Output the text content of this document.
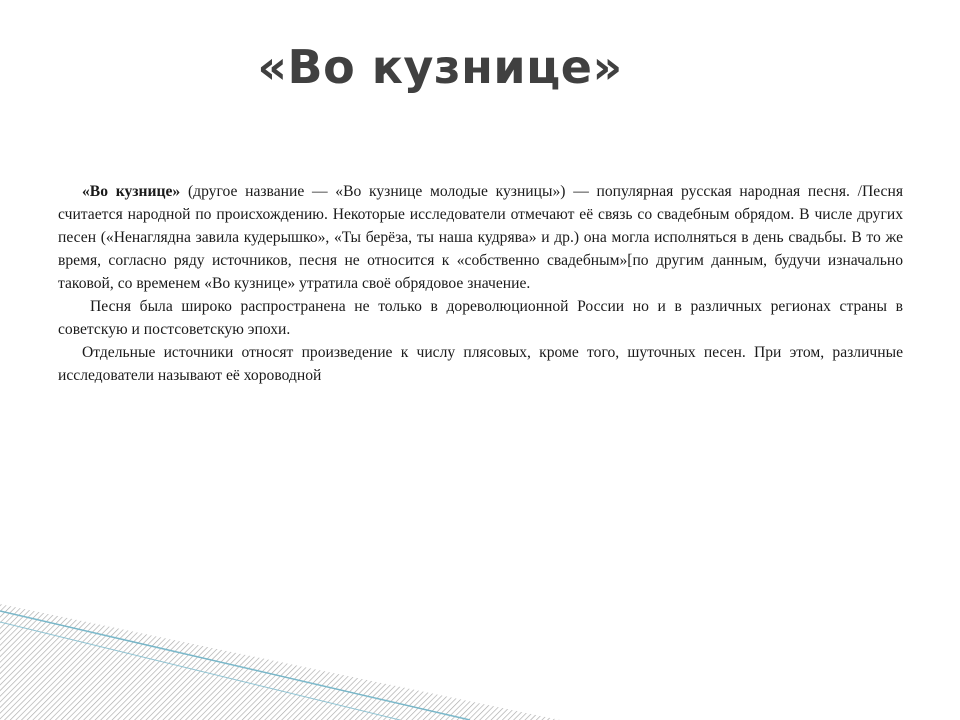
«Во кузнице»

«Во кузнице» (другое название — «Во кузнице молодые кузницы») — популярная русская народная песня. /Песня считается народной по происхождению. Некоторые исследователи отмечают её связь со свадебным обрядом. В числе других песен («Ненаглядна завила кудерышко», «Ты берёза, ты наша кудрява» и др.) она могла исполняться в день свадьбы. В то же время, согласно ряду источников, песня не относится к «собственно свадебным»[по другим данным, будучи изначально таковой, со временем «Во кузнице» утратила своё обрядовое значение.

Песня была широко распространена не только в дореволюционной России но и в различных регионах страны в советскую и постсоветскую эпохи.

Отдельные источники относят произведение к числу плясовых, кроме того, шуточных песен. При этом, различные исследователи называют её хороводной
